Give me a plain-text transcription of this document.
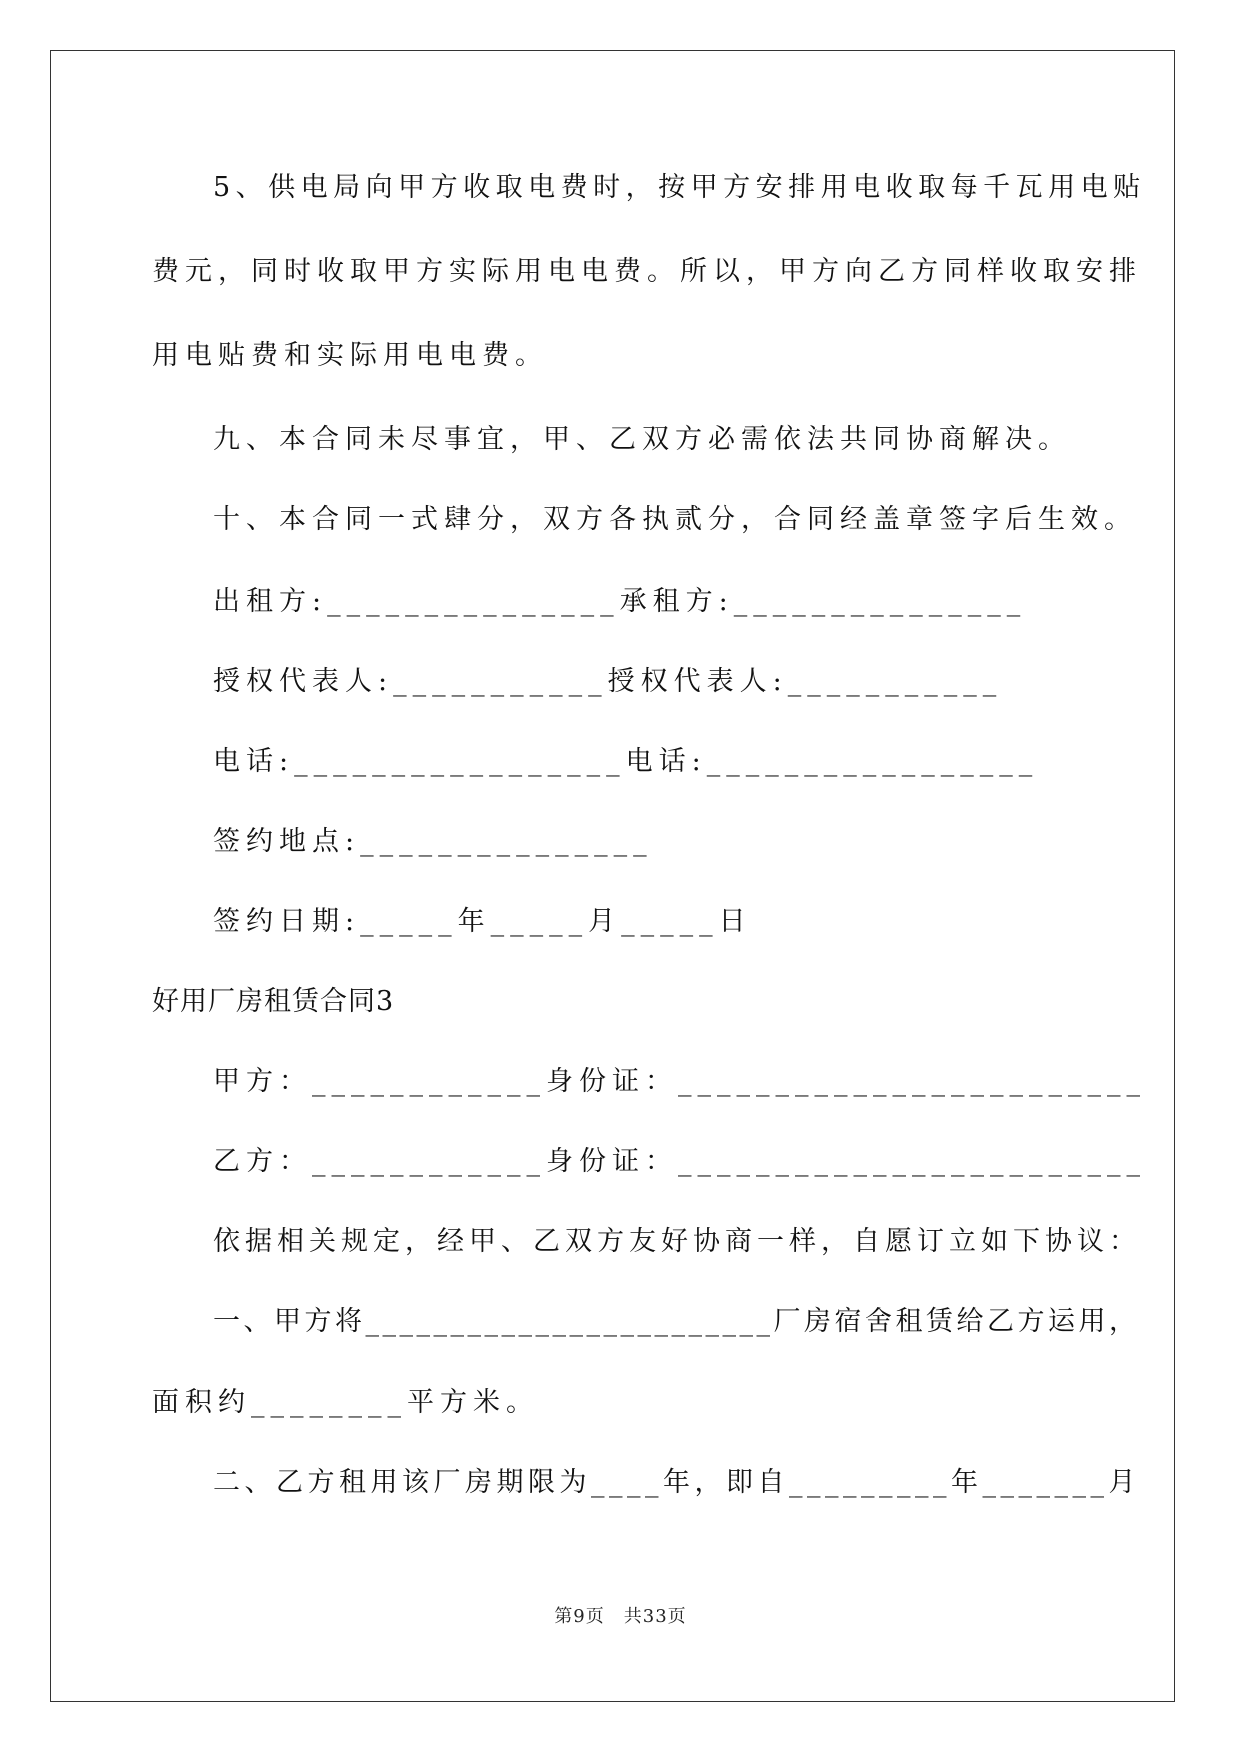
5、供电局向甲方收取电费时，按甲方安排用电收取每千瓦用电贴
费元，同时收取甲方实际用电电费。所以，甲方向乙方同样收取安排
用电贴费和实际用电电费。
九、本合同未尽事宜，甲、乙双方必需依法共同协商解决。
十、本合同一式肆分，双方各执贰分，合同经盖章签字后生效。
出租方:_______________承租方:_______________
授权代表人:___________授权代表人:___________
电话:_________________电话:_________________
签约地点:_______________
签约日期:_____年_____月_____日
好用厂房租赁合同3
甲方：____________身份证：________________________
乙方：____________身份证：________________________
依据相关规定，经甲、乙双方友好协商一样，自愿订立如下协议：
一、甲方将________________________厂房宿舍租赁给乙方运用，
面积约________平方米。
二、乙方租用该厂房期限为____年，即自_________年_______月
第9页　共33页
